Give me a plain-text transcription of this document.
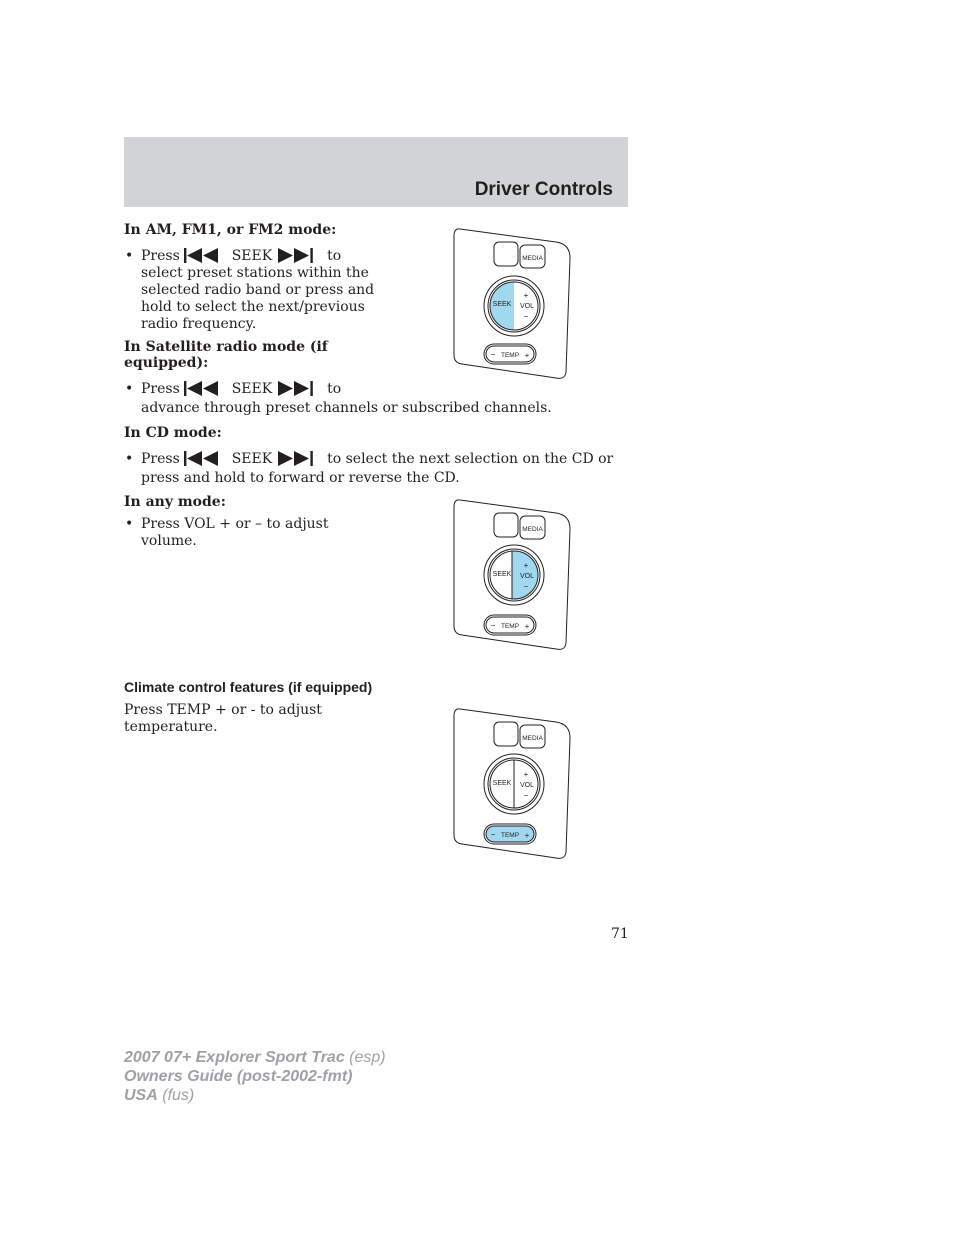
Driver Controls
In AM, FM1, or FM2 mode:
• Press	SEEK	to
select preset stations within the
selected radio band or press and
hold to select the next/previous
radio frequency.
In Satellite radio mode (if
equipped):
• Press	SEEK	to
advance through preset channels or subscribed channels.
In CD mode:
• Press	SEEK	to select the next selection on the CD or
press and hold to forward or reverse the CD.
In any mode:
• Press VOL + or – to adjust
volume.
Climate control features (if equipped)
Press TEMP + or - to adjust
temperature.
MEDIA
SEEK VOL
+
−
TEMP
−	+
MEDIA
SEEK VOL
+
−
TEMP
−	+
MEDIA
SEEK VOL
+
−
TEMP
−	+
71
2007 07+ Explorer Sport Trac (esp)
Owners Guide (post-2002-fmt)
USA (fus)
